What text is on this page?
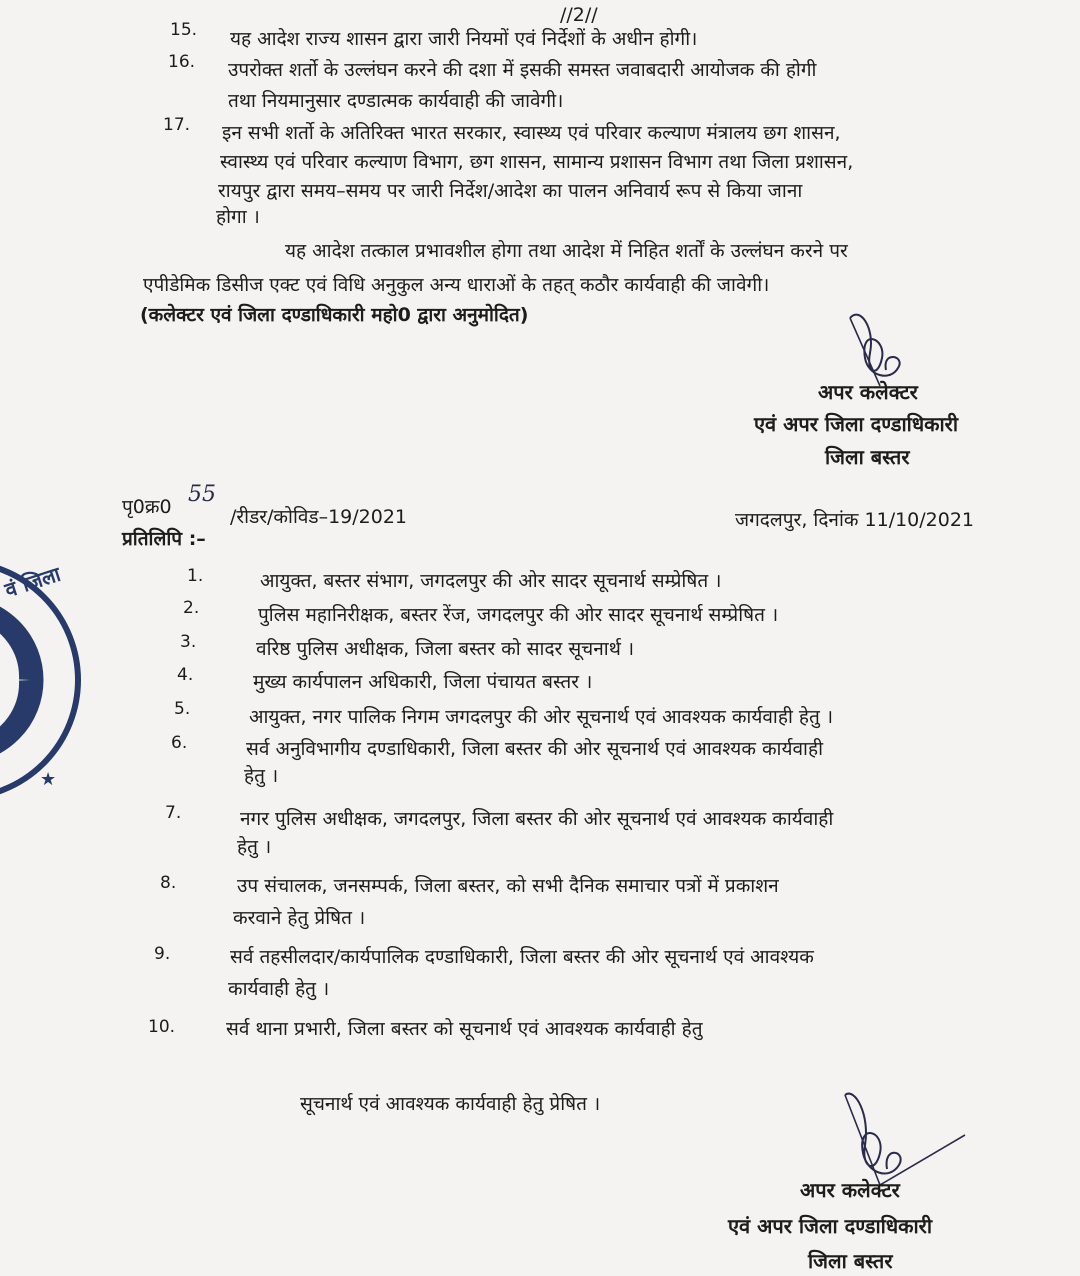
//2//
15. यह आदेश राज्य शासन द्वारा जारी नियमों एवं निर्देशों के अधीन होगी।
16. उपरोक्त शर्तो के उल्लंघन करने की दशा में इसकी समस्त जवाबदारी आयोजक की होगी
तथा नियमानुसार दण्डात्मक कार्यवाही की जावेगी।
17. इन सभी शर्तो के अतिरिक्त भारत सरकार, स्वास्थ्य एवं परिवार कल्याण मंत्रालय छग शासन,
स्वास्थ्य एवं परिवार कल्याण विभाग, छग शासन, सामान्य प्रशासन विभाग तथा जिला प्रशासन,
रायपुर द्वारा समय–समय पर जारी निर्देश/आदेश का पालन अनिवार्य रूप से किया जाना
होगा ।
यह आदेश तत्काल प्रभावशील होगा तथा आदेश में निहित शर्तों के उल्लंघन करने पर
एपीडेमिक डिसीज एक्ट एवं विधि अनुकुल अन्य धाराओं के तहत् कठौर कार्यवाही की जावेगी।
(कलेक्टर एवं जिला दण्डाधिकारी महो0 द्वारा अनुमोदित)
अपर कलेक्टर
एवं अपर जिला दण्डाधिकारी
जिला बस्तर
पृ0क्र0 55
/रीडर/कोविड–19/2021	जगदलपुर, दिनांक 11/10/2021
प्रतिलिपि :–
★
वं जिला	1.	आयुक्त, बस्तर संभाग, जगदलपुर की ओर सादर सूचनार्थ सम्प्रेषित ।
2.	पुलिस महानिरीक्षक, बस्तर रेंज, जगदलपुर की ओर सादर सूचनार्थ सम्प्रेषित ।
3.	वरिष्ठ पुलिस अधीक्षक, जिला बस्तर को सादर सूचनार्थ ।
4.	मुख्य कार्यपालन अधिकारी, जिला पंचायत बस्तर ।
5.	आयुक्त, नगर पालिक निगम जगदलपुर की ओर सूचनार्थ एवं आवश्यक कार्यवाही हेतु ।
6.	सर्व अनुविभागीय दण्डाधिकारी, जिला बस्तर की ओर सूचनार्थ एवं आवश्यक कार्यवाही
हेतु ।
7.	नगर पुलिस अधीक्षक, जगदलपुर, जिला बस्तर की ओर सूचनार्थ एवं आवश्यक कार्यवाही
हेतु ।
8.	उप संचालक, जनसम्पर्क, जिला बस्तर, को सभी दैनिक समाचार पत्रों में प्रकाशन
करवाने हेतु प्रेषित ।
9.	सर्व तहसीलदार/कार्यपालिक दण्डाधिकारी, जिला बस्तर की ओर सूचनार्थ एवं आवश्यक
कार्यवाही हेतु ।
10.	सर्व थाना प्रभारी, जिला बस्तर को सूचनार्थ एवं आवश्यक कार्यवाही हेतु
सूचनार्थ एवं आवश्यक कार्यवाही हेतु प्रेषित ।
अपर कलेक्टर
एवं अपर जिला दण्डाधिकारी
जिला बस्तर
